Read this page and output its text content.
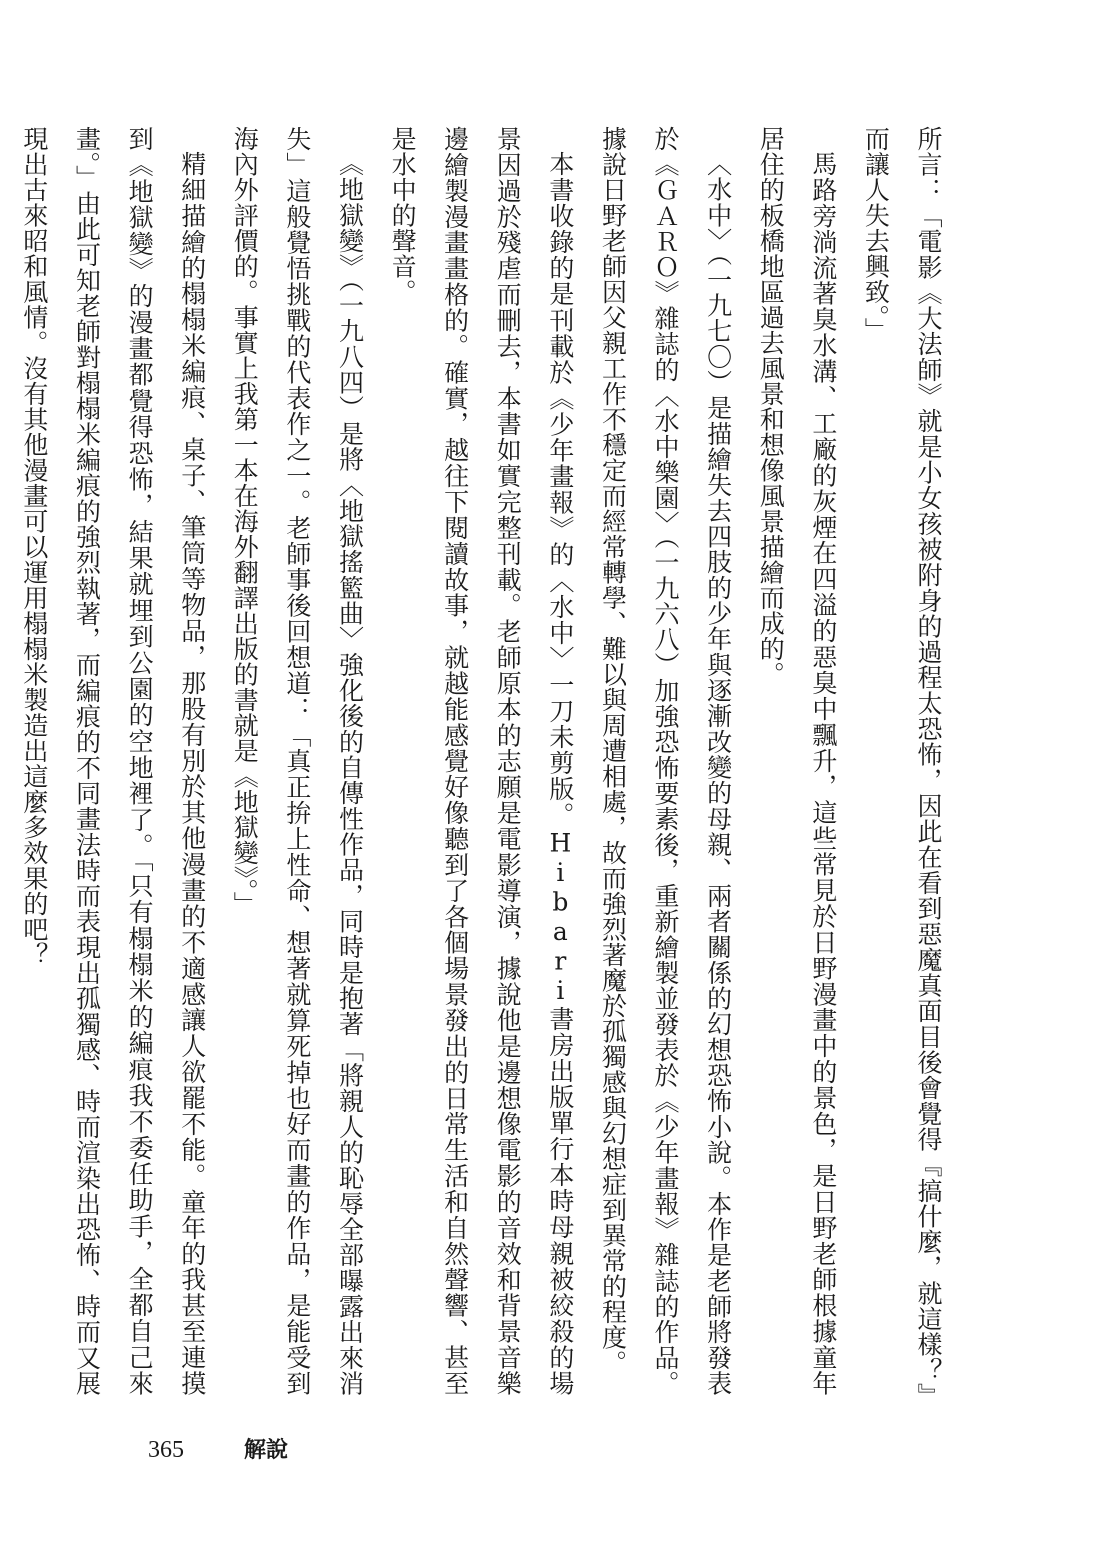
所言：「電影《大法師》就是小女孩被附身的過程太恐怖，因此在看到惡魔真面目後會覺得『搞什麼，就這樣？』而讓人失去興致。」

馬路旁淌流著臭水溝、工廠的灰煙在四溢的惡臭中飄升，這些常見於日野漫畫中的景色，是日野老師根據童年居住的板橋地區過去風景和想像風景描繪而成的。

〈水中〉（一九七〇）是描繪失去四肢的少年與逐漸改變的母親、兩者關係的幻想恐怖小說。本作是老師將發表於《ＧＡＲＯ》雜誌的〈水中樂園〉（一九六八）加強恐怖要素後，重新繪製並發表於《少年畫報》雜誌的作品。據說日野老師因父親工作不穩定而經常轉學、難以與周遭相處，故而強烈著魔於孤獨感與幻想症到異常的程度。

本書收錄的是刊載於《少年畫報》的〈水中〉一刀未剪版。Hibari書房出版單行本時母親被絞殺的場景因過於殘虐而刪去，本書如實完整刊載。老師原本的志願是電影導演，據說他是邊想像電影的音效和背景音樂邊繪製漫畫畫格的。確實，越往下閱讀故事，就越能感覺好像聽到了各個場景發出的日常生活和自然聲響、甚至是水中的聲音。

《地獄變》（一九八四）是將〈地獄搖籃曲〉強化後的自傳性作品，同時是抱著「將親人的恥辱全部曝露出來消失」這般覺悟挑戰的代表作之一。老師事後回想道：「真正拚上性命、想著就算死掉也好而畫的作品，是能受到海內外評價的。事實上我第一本在海外翻譯出版的書就是《地獄變》。」

精細描繪的榻榻米編痕、桌子、筆筒等物品，那股有別於其他漫畫的不適感讓人欲罷不能。童年的我甚至連摸到《地獄變》的漫畫都覺得恐怖，結果就埋到公園的空地裡了。「只有榻榻米的編痕我不委任助手，全都自己來畫。」由此可知老師對榻榻米編痕的強烈執著，而編痕的不同畫法時而表現出孤獨感、時而渲染出恐怖、時而又展現出古來昭和風情。沒有其他漫畫可以運用榻榻米製造出這麼多效果的吧？

365	解說
